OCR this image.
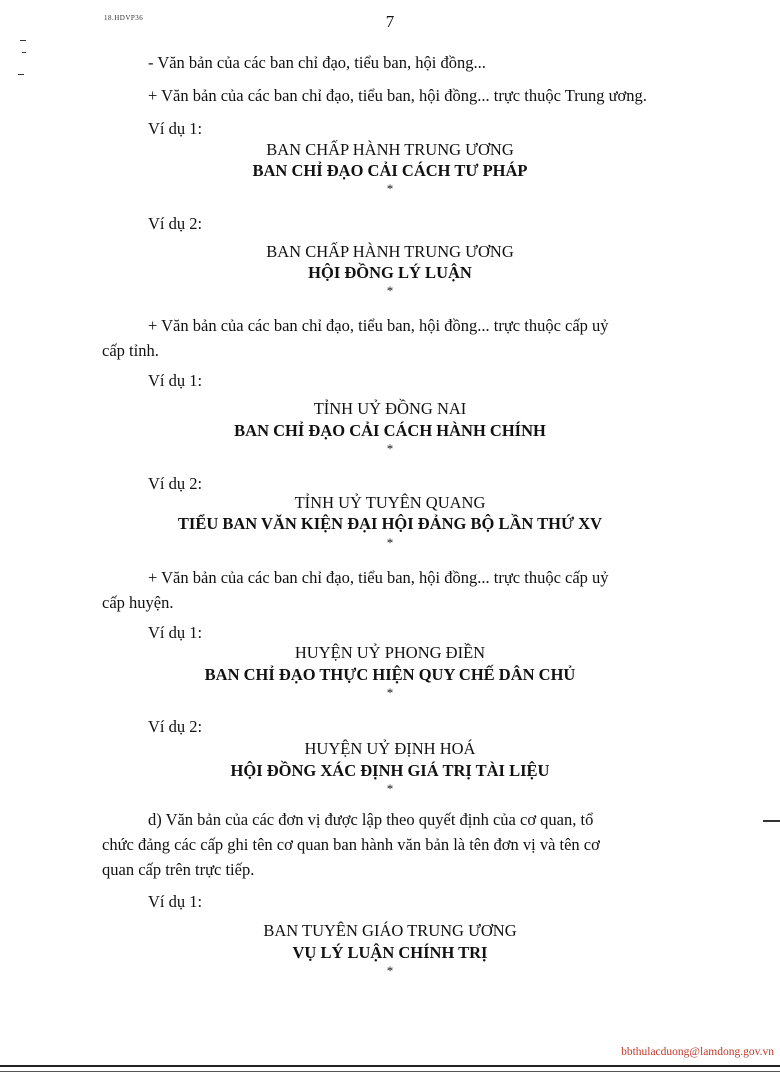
18.HDVP36	7
- Văn bản của các ban chỉ đạo, tiểu ban, hội đồng...
+ Văn bản của các ban chỉ đạo, tiểu ban, hội đồng... trực thuộc Trung ương.
Ví dụ 1:
BAN CHẤP HÀNH TRUNG ƯƠNG
BAN CHỈ ĐẠO CẢI CÁCH TƯ PHÁP
*
Ví dụ 2:
BAN CHẤP HÀNH TRUNG ƯƠNG
HỘI ĐỒNG LÝ LUẬN
*
+ Văn bản của các ban chỉ đạo, tiểu ban, hội đồng... trực thuộc cấp uỷ
cấp tỉnh.
Ví dụ 1:
TỈNH UỶ ĐỒNG NAI
BAN CHỈ ĐẠO CẢI CÁCH HÀNH CHÍNH
*
Ví dụ 2:
TỈNH UỶ TUYÊN QUANG
TIỂU BAN VĂN KIỆN ĐẠI HỘI ĐẢNG BỘ LẦN THỨ XV
*
+ Văn bản của các ban chỉ đạo, tiểu ban, hội đồng... trực thuộc cấp uỷ
cấp huyện.
Ví dụ 1:
HUYỆN UỶ PHONG ĐIỀN
BAN CHỈ ĐẠO THỰC HIỆN QUY CHẾ DÂN CHỦ
*
Ví dụ 2:
HUYỆN UỶ ĐỊNH HOÁ
HỘI ĐỒNG XÁC ĐỊNH GIÁ TRỊ TÀI LIỆU
*
d) Văn bản của các đơn vị được lập theo quyết định của cơ quan, tổ
chức đảng các cấp ghi tên cơ quan ban hành văn bản là tên đơn vị và tên cơ
quan cấp trên trực tiếp.
Ví dụ 1:
BAN TUYÊN GIÁO TRUNG ƯƠNG
VỤ LÝ LUẬN CHÍNH TRỊ
*
bbthulacduong@lamdong.gov.vn
